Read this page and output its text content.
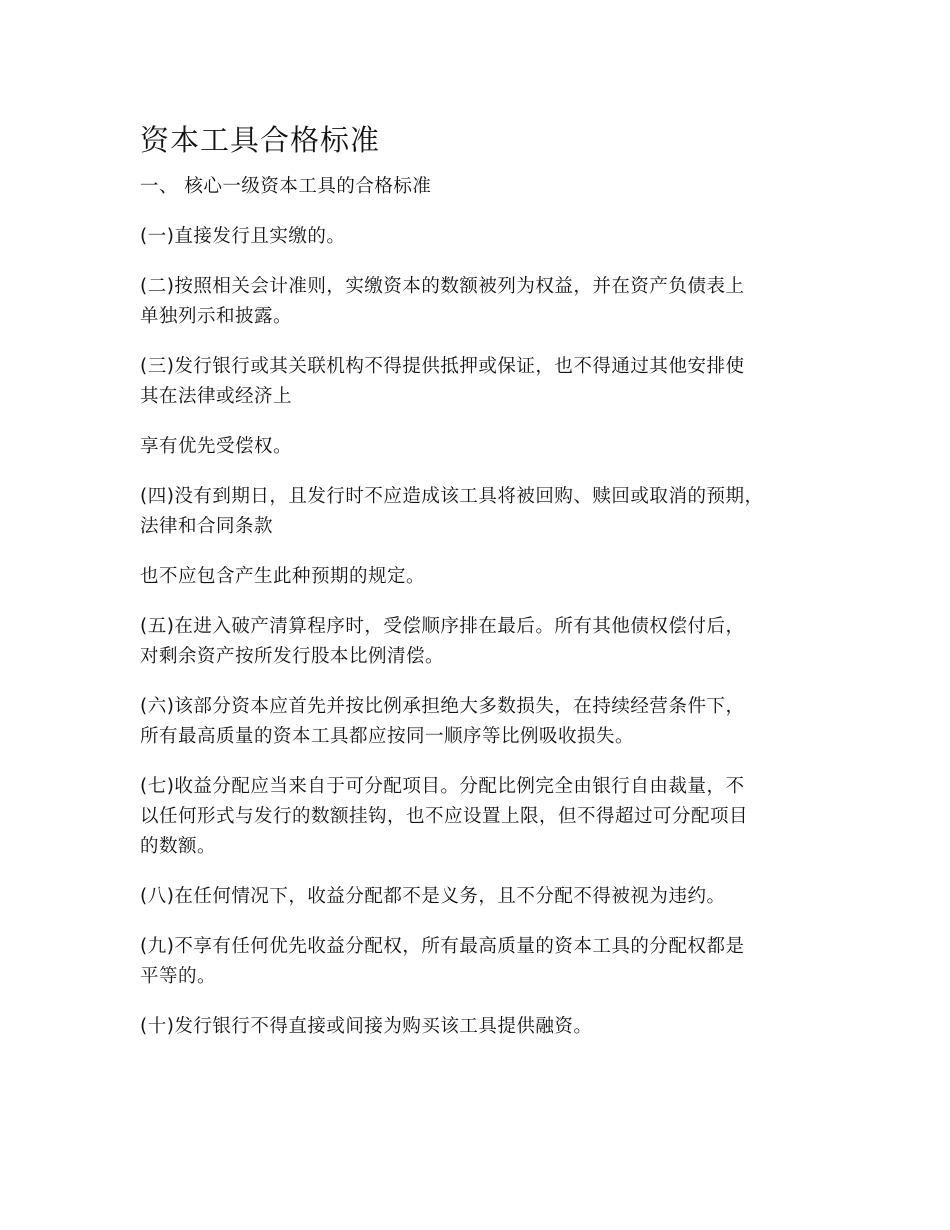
资本工具合格标准
一、 核心一级资本工具的合格标准

(一)直接发行且实缴的。

(二)按照相关会计准则，实缴资本的数额被列为权益，并在资产负债表上
单独列示和披露。

(三)发行银行或其关联机构不得提供抵押或保证，也不得通过其他安排使
其在法律或经济上

享有优先受偿权。

(四)没有到期日，且发行时不应造成该工具将被回购、赎回或取消的预期，
法律和合同条款

也不应包含产生此种预期的规定。

(五)在进入破产清算程序时，受偿顺序排在最后。所有其他债权偿付后，
对剩余资产按所发行股本比例清偿。

(六)该部分资本应首先并按比例承担绝大多数损失，在持续经营条件下，
所有最高质量的资本工具都应按同一顺序等比例吸收损失。

(七)收益分配应当来自于可分配项目。分配比例完全由银行自由裁量，不
以任何形式与发行的数额挂钩，也不应设置上限，但不得超过可分配项目
的数额。

(八)在任何情况下，收益分配都不是义务，且不分配不得被视为违约。

(九)不享有任何优先收益分配权，所有最高质量的资本工具的分配权都是
平等的。

(十)发行银行不得直接或间接为购买该工具提供融资。
